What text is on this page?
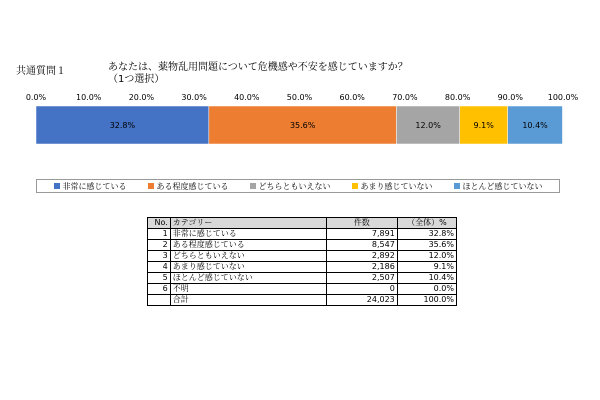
共通質問１	あなたは、薬物乱用問題について危機感や不安を感じていますか？
（1つ選択）
0.0%	10.0%	20.0%	30.0%	40.0%	50.0%	60.0%	70.0%	80.0%	90.0%	100.0%
32.8%	35.6%	12.0%	9.1%	10.4%
非常に感じている	ある程度感じている	どちらともいえない	あまり感じていない	ほとんど感じていない
No.	カテゴリー	件数	（全体）%
1	非常に感じている	7,891	32.8%
2	ある程度感じている	8,547	35.6%
3	どちらともいえない	2,892	12.0%
4	あまり感じていない	2,186	9.1%
5	ほとんど感じていない	2,507	10.4%
6	不明	0	0.0%
	合計	24,023	100.0%
